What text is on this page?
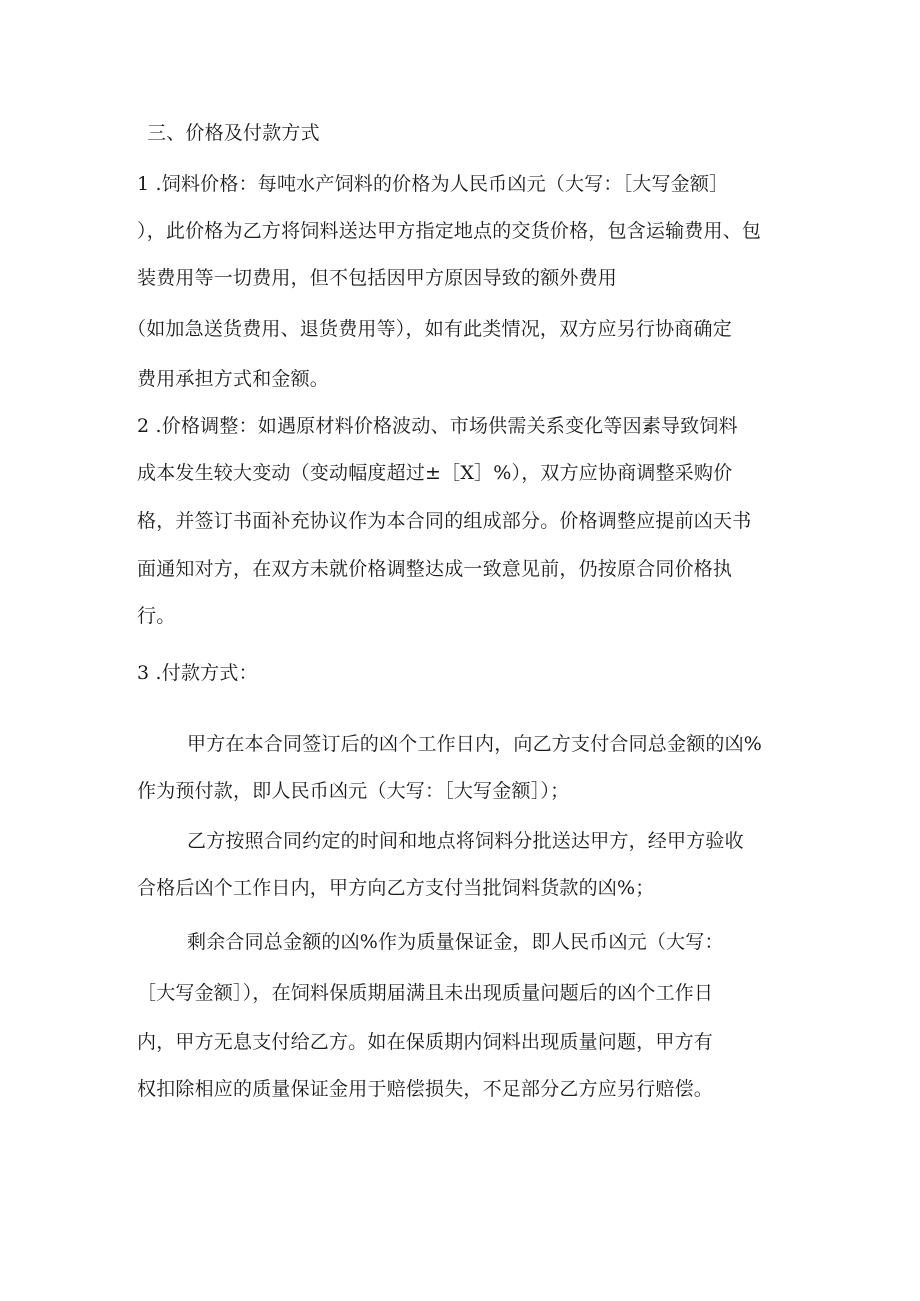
三、价格及付款方式
1 .饲料价格：每吨水产饲料的价格为人民币凶元（大写：［大写金额］
），此价格为乙方将饲料送达甲方指定地点的交货价格，包含运输费用、包
装费用等一切费用，但不包括因甲方原因导致的额外费用
（如加急送货费用、退货费用等），如有此类情况，双方应另行协商确定
费用承担方式和金额。
2 .价格调整：如遇原材料价格波动、市场供需关系变化等因素导致饲料
成本发生较大变动（变动幅度超过±［X］%），双方应协商调整采购价
格，并签订书面补充协议作为本合同的组成部分。价格调整应提前凶天书
面通知对方，在双方未就价格调整达成一致意见前，仍按原合同价格执
行。
3 .付款方式：
甲方在本合同签订后的凶个工作日内，向乙方支付合同总金额的凶%
作为预付款，即人民币凶元（大写：［大写金额］）；
乙方按照合同约定的时间和地点将饲料分批送达甲方，经甲方验收
合格后凶个工作日内，甲方向乙方支付当批饲料货款的凶%；
剩余合同总金额的凶%作为质量保证金，即人民币凶元（大写：
［大写金额］），在饲料保质期届满且未出现质量问题后的凶个工作日
内，甲方无息支付给乙方。如在保质期内饲料出现质量问题，甲方有
权扣除相应的质量保证金用于赔偿损失，不足部分乙方应另行赔偿。
